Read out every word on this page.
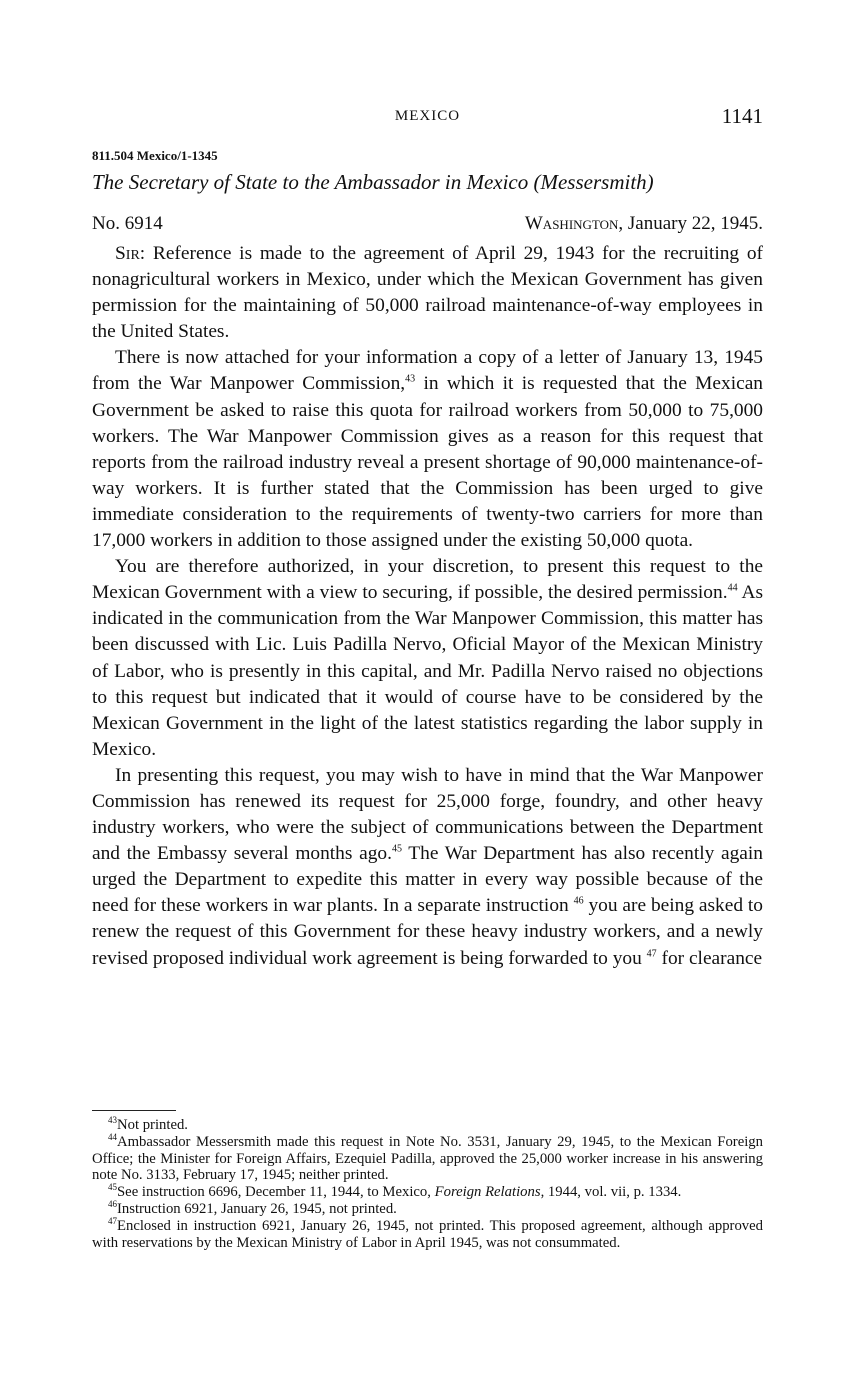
MEXICO	1141
811.504 Mexico/1-1345
The Secretary of State to the Ambassador in Mexico (Messersmith)
No. 6914	Washington, January 22, 1945.

Sir: Reference is made to the agreement of April 29, 1943 for the recruiting of nonagricultural workers in Mexico, under which the Mexican Government has given permission for the maintaining of 50,000 railroad maintenance-of-way employees in the United States.

There is now attached for your information a copy of a letter of January 13, 1945 from the War Manpower Commission,$^{43}$ in which it is requested that the Mexican Government be asked to raise this quota for railroad workers from 50,000 to 75,000 workers. The War Manpower Commission gives as a reason for this request that reports from the railroad industry reveal a present shortage of 90,000 maintenance-of-way workers. It is further stated that the Commission has been urged to give immediate consideration to the requirements of twenty-two carriers for more than 17,000 workers in addition to those assigned under the existing 50,000 quota.

You are therefore authorized, in your discretion, to present this request to the Mexican Government with a view to securing, if possible, the desired permission.$^{44}$ As indicated in the communication from the War Manpower Commission, this matter has been discussed with Lic. Luis Padilla Nervo, Oficial Mayor of the Mexican Ministry of Labor, who is presently in this capital, and Mr. Padilla Nervo raised no objections to this request but indicated that it would of course have to be considered by the Mexican Government in the light of the latest statistics regarding the labor supply in Mexico.

In presenting this request, you may wish to have in mind that the War Manpower Commission has renewed its request for 25,000 forge, foundry, and other heavy industry workers, who were the subject of communications between the Department and the Embassy several months ago.$^{45}$ The War Department has also recently again urged the Department to expedite this matter in every way possible because of the need for these workers in war plants. In a separate instruction $^{46}$ you are being asked to renew the request of this Government for these heavy industry workers, and a newly revised proposed individual work agreement is being forwarded to you $^{47}$ for clearance

$^{43}$Not printed.

$^{44}$Ambassador Messersmith made this request in Note No. 3531, January 29, 1945, to the Mexican Foreign Office; the Minister for Foreign Affairs, Ezequiel Padilla, approved the 25,000 worker increase in his answering note No. 3133, February 17, 1945; neither printed.

$^{45}$See instruction 6696, December 11, 1944, to Mexico, Foreign Relations, 1944, vol. vii, p. 1334.

$^{46}$Instruction 6921, January 26, 1945, not printed.

$^{47}$Enclosed in instruction 6921, January 26, 1945, not printed. This proposed agreement, although approved with reservations by the Mexican Ministry of Labor in April 1945, was not consummated.
